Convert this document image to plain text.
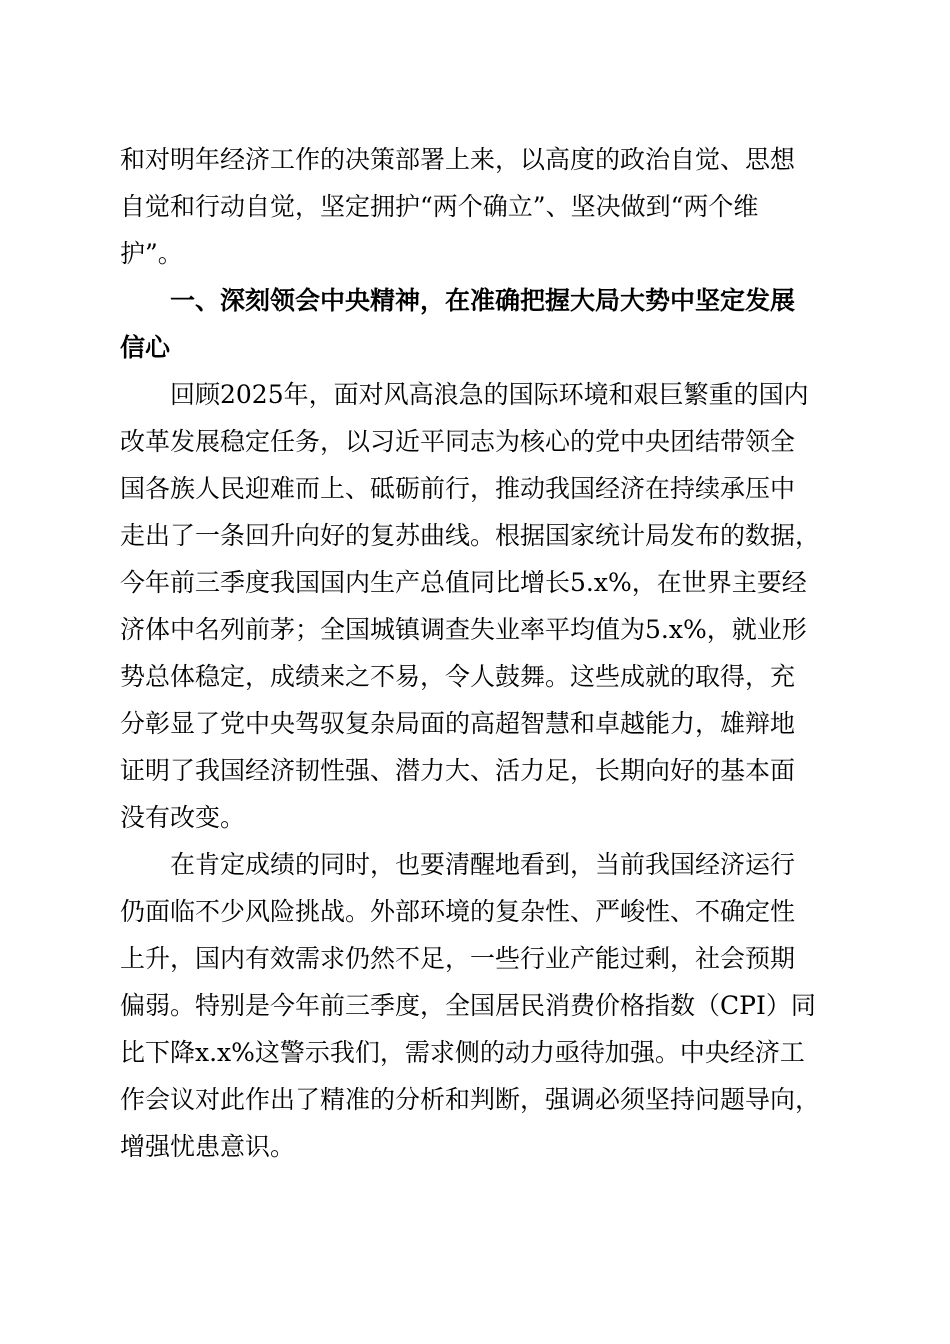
和对明年经济工作的决策部署上来，以高度的政治自觉、思想

自觉和行动自觉，坚定拥护“两个确立”、坚决做到“两个维

护”。

一、深刻领会中央精神，在准确把握大局大势中坚定发展

信心

回顾2025年，面对风高浪急的国际环境和艰巨繁重的国内

改革发展稳定任务，以习近平同志为核心的党中央团结带领全

国各族人民迎难而上、砥砺前行，推动我国经济在持续承压中

走出了一条回升向好的复苏曲线。根据国家统计局发布的数据，

今年前三季度我国国内生产总值同比增长5.x%，在世界主要经

济体中名列前茅；全国城镇调查失业率平均值为5.x%，就业形

势总体稳定，成绩来之不易，令人鼓舞。这些成就的取得，充

分彰显了党中央驾驭复杂局面的高超智慧和卓越能力，雄辩地

证明了我国经济韧性强、潜力大、活力足，长期向好的基本面

没有改变。

在肯定成绩的同时，也要清醒地看到，当前我国经济运行

仍面临不少风险挑战。外部环境的复杂性、严峻性、不确定性

上升，国内有效需求仍然不足，一些行业产能过剩，社会预期

偏弱。特别是今年前三季度，全国居民消费价格指数（CPI）同

比下降x.x%这警示我们，需求侧的动力亟待加强。中央经济工

作会议对此作出了精准的分析和判断，强调必须坚持问题导向，

增强忧患意识。
